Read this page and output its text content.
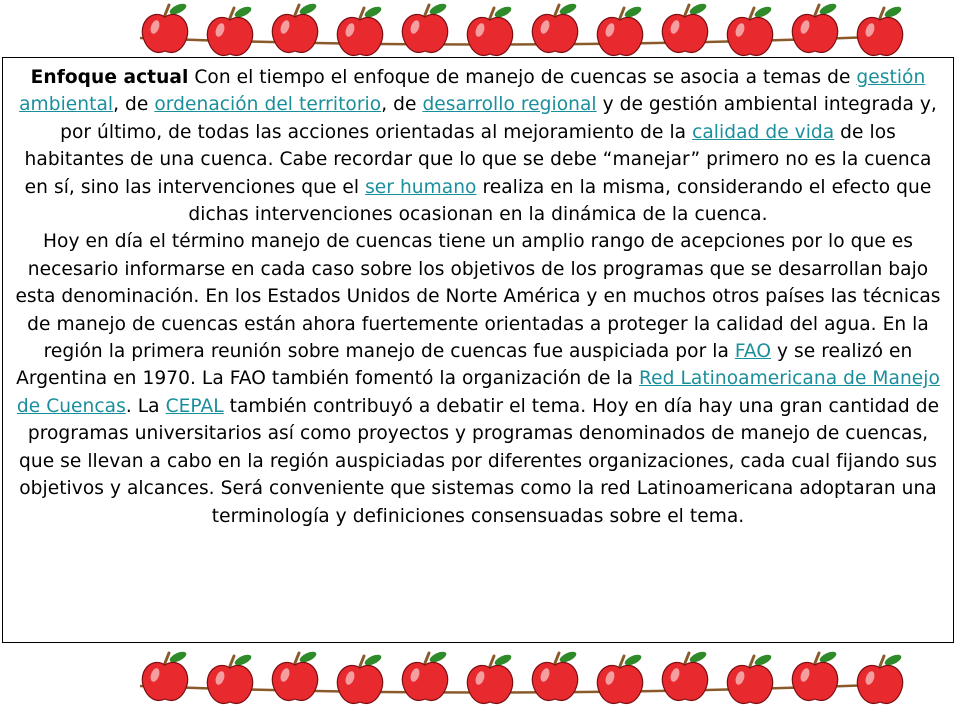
Enfoque actual Con el tiempo el enfoque de manejo de cuencas se asocia a temas de gestión ambiental, de ordenación del territorio, de desarrollo regional y de gestión ambiental integrada y, por último, de todas las acciones orientadas al mejoramiento de la calidad de vida de los habitantes de una cuenca. Cabe recordar que lo que se debe “manejar” primero no es la cuenca en sí, sino las intervenciones que el ser humano realiza en la misma, considerando el efecto que dichas intervenciones ocasionan en la dinámica de la cuenca.

Hoy en día el término manejo de cuencas tiene un amplio rango de acepciones por lo que es necesario informarse en cada caso sobre los objetivos de los programas que se desarrollan bajo esta denominación. En los Estados Unidos de Norte América y en muchos otros países las técnicas de manejo de cuencas están ahora fuertemente orientadas a proteger la calidad del agua. En la región la primera reunión sobre manejo de cuencas fue auspiciada por la FAO y se realizó en Argentina en 1970. La FAO también fomentó la organización de la Red Latinoamericana de Manejo de Cuencas. La CEPAL también contribuyó a debatir el tema. Hoy en día hay una gran cantidad de programas universitarios así como proyectos y programas denominados de manejo de cuencas, que se llevan a cabo en la región auspiciadas por diferentes organizaciones, cada cual fijando sus objetivos y alcances. Será conveniente que sistemas como la red Latinoamericana adoptaran una terminología y definiciones consensuadas sobre el tema.
